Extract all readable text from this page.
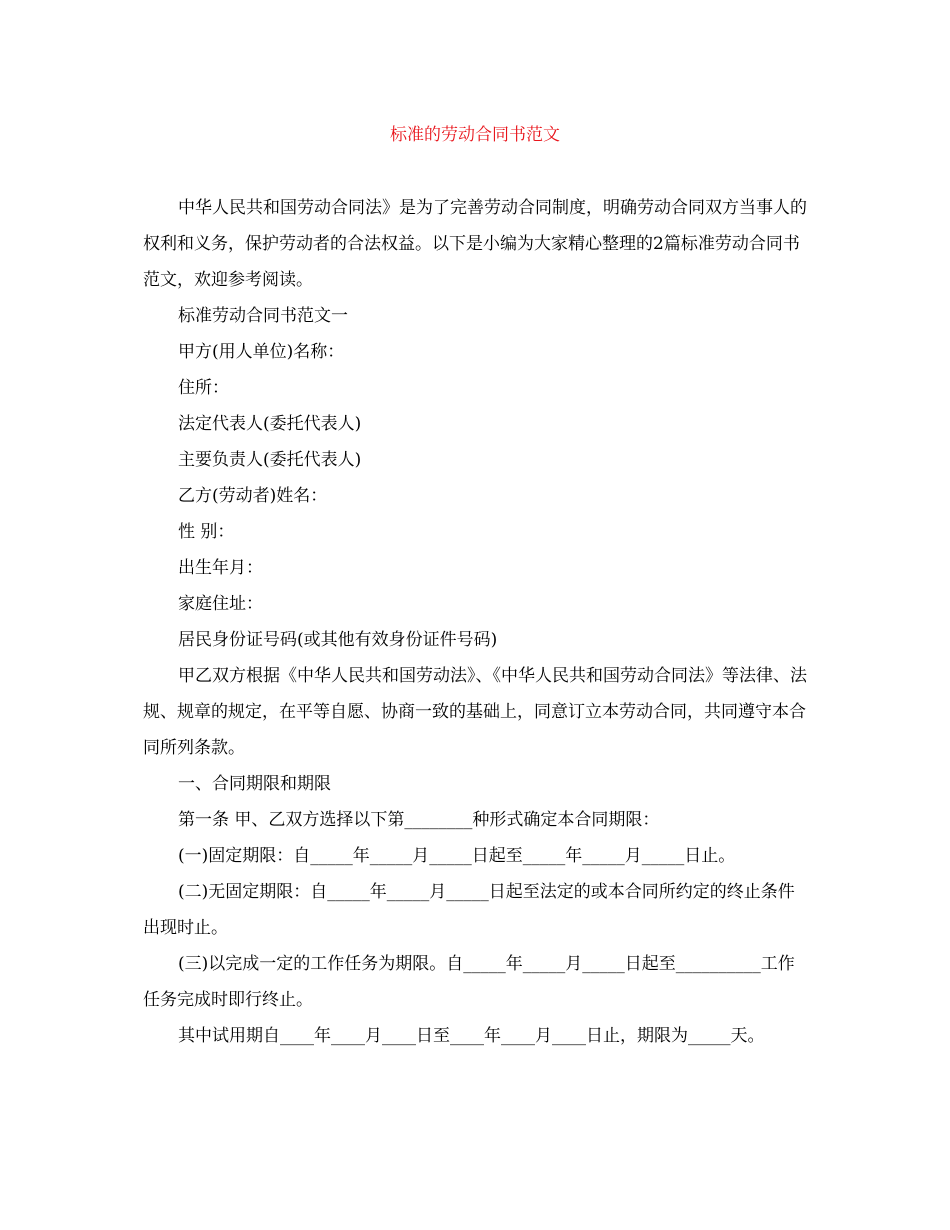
标准的劳动合同书范文

中华人民共和国劳动合同法》是为了完善劳动合同制度，明确劳动合同双方当事人的权利和义务，保护劳动者的合法权益。以下是小编为大家精心整理的2篇标准劳动合同书范文，欢迎参考阅读。

标准劳动合同书范文一

甲方(用人单位)名称：

住所：

法定代表人(委托代表人)

主要负责人(委托代表人)

乙方(劳动者)姓名：

性 别：

出生年月：

家庭住址：

居民身份证号码(或其他有效身份证件号码)

甲乙双方根据《中华人民共和国劳动法》、《中华人民共和国劳动合同法》等法律、法规、规章的规定，在平等自愿、协商一致的基础上，同意订立本劳动合同，共同遵守本合同所列条款。

一、合同期限和期限

第一条 甲、乙双方选择以下第________种形式确定本合同期限：

(一)固定期限：自_____年_____月_____日起至_____年_____月_____日止。

(二)无固定期限：自_____年_____月_____日起至法定的或本合同所约定的终止条件出现时止。

(三)以完成一定的工作任务为期限。自_____年_____月_____日起至__________工作任务完成时即行终止。

其中试用期自____年____月____日至____年____月____日止，期限为_____天。
